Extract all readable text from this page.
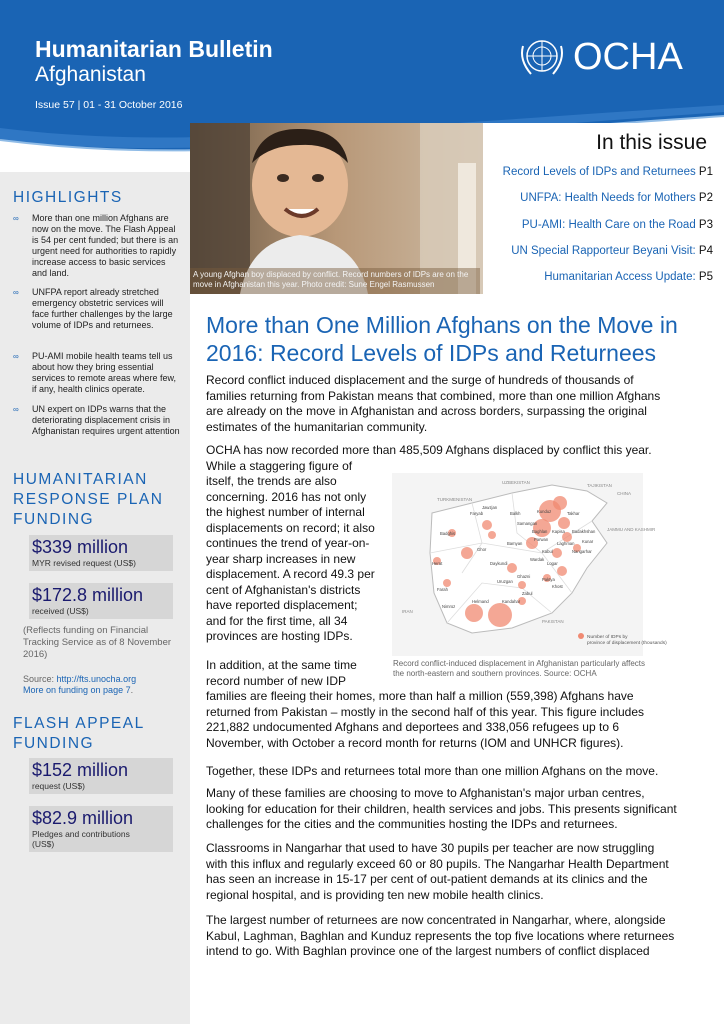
Humanitarian Bulletin
Afghanistan
Issue 57 | 01 - 31 October 2016
OCHA
HIGHLIGHTS
∞ More than one million Afghans are now on the move. The Flash Appeal is 54 per cent funded; but there is an urgent need for authorities to rapidly increase access to basic services and land.
∞ UNFPA report already stretched emergency obstetric services will face further challenges by the large volume of IDPs and returnees.
∞ PU-AMI mobile health teams tell us about how they bring essential services to remote areas where few, if any, health clinics operate.
∞ UN expert on IDPs warns that the deteriorating displacement crisis in Afghanistan requires urgent attention
HUMANITARIAN
RESPONSE PLAN
FUNDING
$339 million
MYR revised request (US$)
$172.8 million
received (US$)
(Reflects funding on Financial Tracking Service as of 8 November 2016)
Source: http://fts.unocha.org
More on funding on page 7.
FLASH APPEAL
FUNDING
$152 million
request (US$)
$82.9 million
Pledges and contributions
(US$)
A young Afghan boy displaced by conflict. Record numbers of IDPs are on the move in Afghanistan this year. Photo credit: Sune Engel Rasmussen
In this issue
Record Levels of IDPs and Returnees P1
UNFPA: Health Needs for Mothers P2
PU-AMI: Health Care on the Road P3
UN Special Rapporteur Beyani Visit: P4
Humanitarian Access Update: P5
More than One Million Afghans on the Move in
2016: Record Levels of IDPs and Returnees
Record conflict induced displacement and the surge of hundreds of thousands of
families returning from Pakistan means that combined, more than one million Afghans
are already on the move in Afghanistan and across borders, surpassing the original
estimates of the humanitarian community.
OCHA has now recorded more than 485,509 Afghans displaced by conflict this year.
While a staggering figure of
itself, the trends are also
concerning. 2016 has not only
the highest number of internal
displacements on record; it also
continues the trend of year-on-
year sharp increases in new
displacement. A record 49.3 per
cent of Afghanistan's districts
have reported displacement;
and for the first time, all 34
provinces are hosting IDPs.
In addition, at the same time
record number of new IDP
families are fleeing their homes, more than half a million (559,398) Afghans have
returned from Pakistan – mostly in the second half of this year. This figure includes
221,882 undocumented Afghans and deportees and 338,056 refugees up to 6
November, with October a record month for returns (IOM and UNHCR figures).
Together, these IDPs and returnees total more than one million Afghans on the move.
Many of these families are choosing to move to Afghanistan's major urban centres,
looking for education for their children, health services and jobs. This presents significant
challenges for the cities and the communities hosting the IDPs and returnees.
Classrooms in Nangarhar that used to have 30 pupils per teacher are now struggling
with this influx and regularly exceed 60 or 80 pupils. The Nangarhar Health Department
has seen an increase in 15-17 per cent of out-patient demands at its clinics and the
regional hospital, and is providing ten new mobile health clinics.
The largest number of returnees are now concentrated in Nangarhar, where, alongside
Kabul, Laghman, Baghlan and Kunduz represents the top five locations where returnees
intend to go. With Baghlan province one of the largest numbers of conflict displaced
UZBEKISTAN
TAJIKISTAN
TURKMENISTAN
CHINA
JAMMU AND KASHMIR
IRAN
PAKISTAN
Balkh	Kunduz	Takhar
Badakhshan
Faryab
Jawzjan
Samangan
Baghlan
Badghis
Herat
Ghor
Bamyan
Parwan
Kabul	Nangarhar
Daykundi
Wardak
Logar
Ghazni
Paktya
Uruzgan
Zabul
Farah
Helmand	Kandahar
Nimroz
Laghman
Kapisa
Kunar
Khost
Number of IDPs by province of displacement (thousands)
Record conflict-induced displacement in Afghanistan particularly affects the north-eastern and southern provinces. Source: OCHA
